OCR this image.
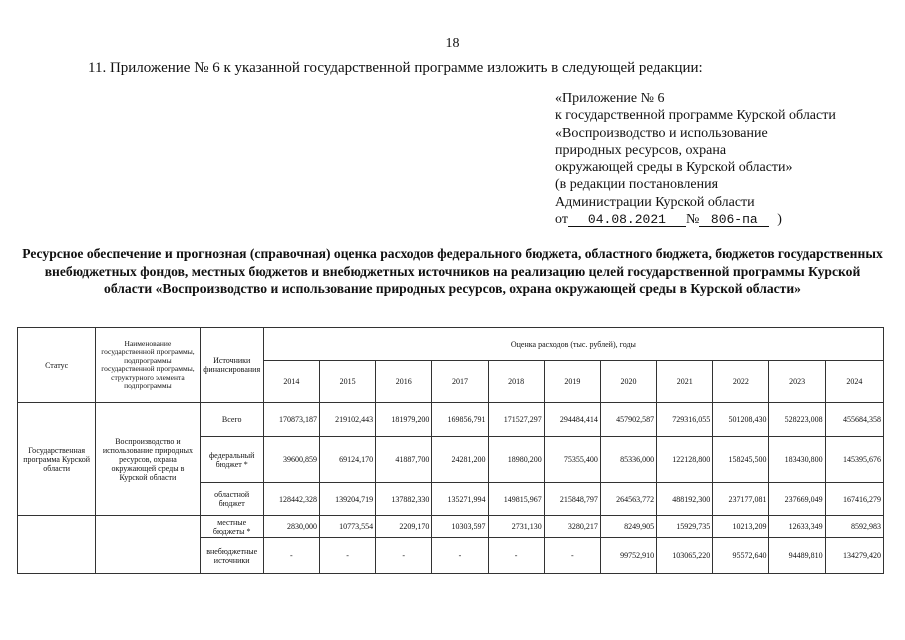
18
11. Приложение № 6 к указанной государственной программе изложить в следующей редакции:
«Приложение № 6
к государственной программе Курской области
«Воспроизводство и использование
природных ресурсов, охрана
окружающей среды в Курской области»
(в редакции постановления
Администрации Курской области
от	04.08.2021	№ 806-па	)
Ресурсное обеспечение и прогнозная (справочная) оценка расходов федерального бюджета, областного бюджета, бюджетов государственных внебюджетных фондов, местных бюджетов и внебюджетных источников на реализацию целей государственной программы Курской области «Воспроизводство и использование природных ресурсов, охрана окружающей среды в Курской области»
Статус	Наименование государственной программы, подпрограммы государственной программы, структурного элемента подпрограммы	Источники финансирования	Оценка расходов (тыс. рублей), годы										
			2014	2015	2016	2017	2018	2019	2020	2021	2022	2023	2024
Государственная программа Курской области	Воспроизводство и использование природных ресурсов, охрана окружающей среды в Курской области	Всего	170873,187	219102,443	181979,200	169856,791	171527,297	294484,414	457902,587	729316,055	501208,430	528223,008	455684,358
		федеральный бюджет *	39600,859	69124,170	41887,700	24281,200	18980,200	75355,400	85336,000	122128,800	158245,500	183430,800	145395,676
		областной бюджет	128442,328	139204,719	137882,330	135271,994	149815,967	215848,797	264563,772	488192,300	237177,081	237669,049	167416,279
		местные бюджеты *	2830,000	10773,554	2209,170	10303,597	2731,130	3280,217	8249,905	15929,735	10213,209	12633,349	8592,983
		внебюджетные источники	-	-	-	-	-	-	99752,910	103065,220	95572,640	94489,810	134279,420
